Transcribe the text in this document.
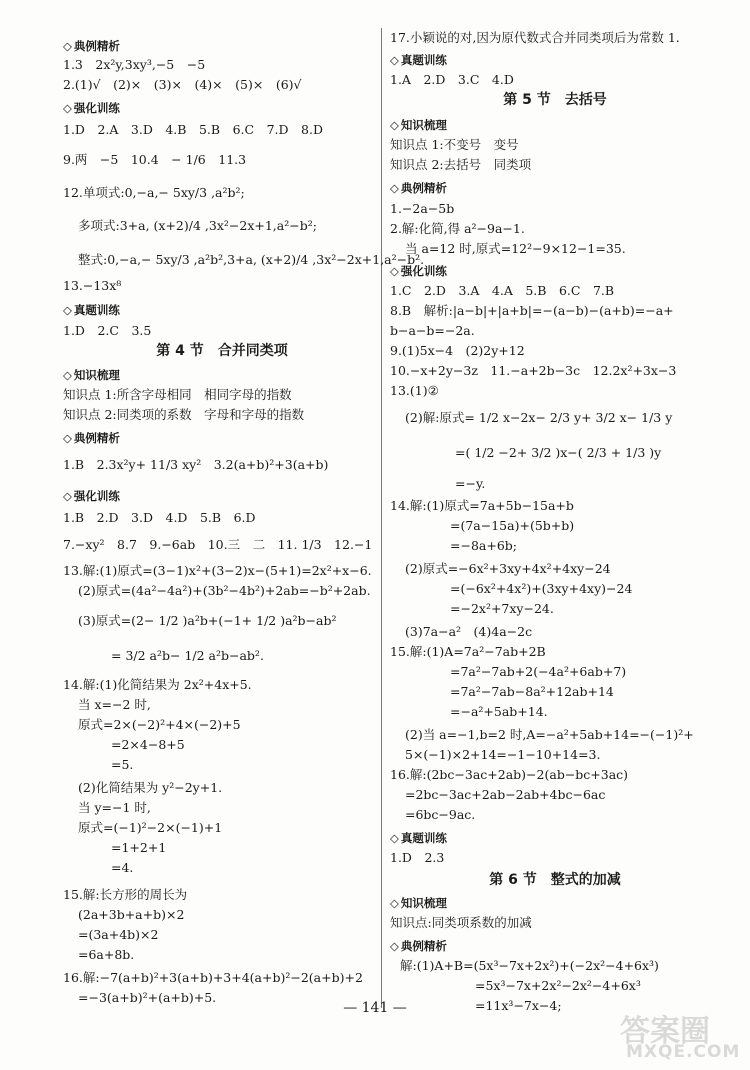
◇ 典例精析
1.3　2x²y,3xy³,−5　−5
2.(1)√　(2)×　(3)×　(4)×　(5)×　(6)√
◇ 强化训练
1.D　2.A　3.D　4.B　5.B　6.C　7.D　8.D
9.两　−5　10.4　− 1/6　11.3
12.单项式:0,−a,− 5xy/3 ,a²b²;
多项式:3+a, (x+2)/4 ,3x²−2x+1,a²−b²;
整式:0,−a,− 5xy/3 ,a²b²,3+a, (x+2)/4 ,3x²−2x+1,a²−b².
13.−13x⁸
◇ 真题训练
1.D　2.C　3.5
第 4 节　合并同类项
◇ 知识梳理
知识点 1:所含字母相同　相同字母的指数
知识点 2:同类项的系数　字母和字母的指数
◇ 典例精析
1.B　2.3x²y+ 11/3 xy²　3.2(a+b)²+3(a+b)
◇ 强化训练
1.B　2.D　3.D　4.D　5.B　6.D
7.−xy²　8.7　9.−6ab　10.三　二　11. 1/3　12.−1
13.解:(1)原式=(3−1)x²+(3−2)x−(5+1)=2x²+x−6.
(2)原式=(4a²−4a²)+(3b²−4b²)+2ab=−b²+2ab.
(3)原式=(2− 1/2 )a²b+(−1+ 1/2 )a²b−ab²
= 3/2 a²b− 1/2 a²b−ab².
14.解:(1)化简结果为 2x²+4x+5.
当 x=−2 时,
原式=2×(−2)²+4×(−2)+5
=2×4−8+5
=5.
(2)化简结果为 y²−2y+1.
当 y=−1 时,
原式=(−1)²−2×(−1)+1
=1+2+1
=4.
15.解:长方形的周长为
(2a+3b+a+b)×2
=(3a+4b)×2
=6a+8b.
16.解:−7(a+b)²+3(a+b)+3+4(a+b)²−2(a+b)+2
=−3(a+b)²+(a+b)+5.
17.小颖说的对,因为原代数式合并同类项后为常数 1.
◇ 真题训练
1.A　2.D　3.C　4.D
第 5 节　去括号
◇ 知识梳理
知识点 1:不变号　变号
知识点 2:去括号　同类项
◇ 典例精析
1.−2a−5b
2.解:化简,得 a²−9a−1.
当 a=12 时,原式=12²−9×12−1=35.
◇ 强化训练
1.C　2.D　3.A　4.A　5.B　6.C　7.B
8.B　解析:|a−b|+|a+b|=−(a−b)−(a+b)=−a+
b−a−b=−2a.
9.(1)5x−4　(2)2y+12
10.−x+2y−3z　11.−a+2b−3c　12.2x²+3x−3
13.(1)②
(2)解:原式= 1/2 x−2x− 2/3 y+ 3/2 x− 1/3 y
=( 1/2 −2+ 3/2 )x−( 2/3 + 1/3 )y
=−y.
14.解:(1)原式=7a+5b−15a+b
=(7a−15a)+(5b+b)
=−8a+6b;
(2)原式=−6x²+3xy+4x²+4xy−24
=(−6x²+4x²)+(3xy+4xy)−24
=−2x²+7xy−24.
(3)7a−a²　(4)4a−2c
15.解:(1)A=7a²−7ab+2B
=7a²−7ab+2(−4a²+6ab+7)
=7a²−7ab−8a²+12ab+14
=−a²+5ab+14.
(2)当 a=−1,b=2 时,A=−a²+5ab+14=−(−1)²+
5×(−1)×2+14=−1−10+14=3.
16.解:(2bc−3ac+2ab)−2(ab−bc+3ac)
=2bc−3ac+2ab−2ab+4bc−6ac
=6bc−9ac.
◇ 真题训练
1.D　2.3
第 6 节　整式的加减
◇ 知识梳理
知识点:同类项系数的加减
◇ 典例精析
解:(1)A+B=(5x³−7x+2x²)+(−2x²−4+6x³)
=5x³−7x+2x²−2x²−4+6x³
=11x³−7x−4;
— 141 —
答案圈
MXQE.COM
